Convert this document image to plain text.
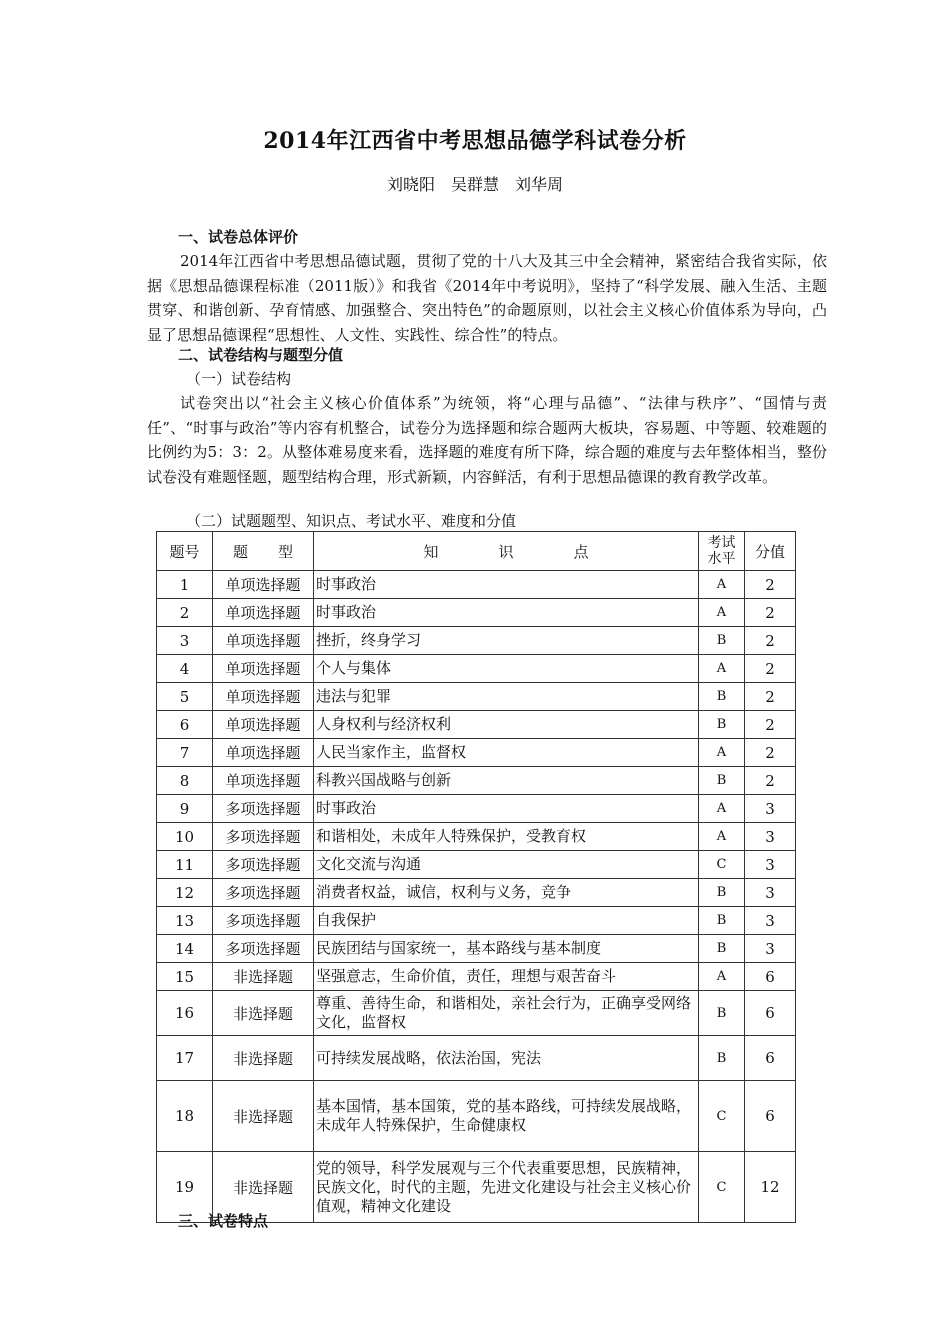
2014年江西省中考思想品德学科试卷分析
刘晓阳　吴群慧　刘华周
一、试卷总体评价
2014年江西省中考思想品德试题，贯彻了党的十八大及其三中全会精神，紧密结合我省实际，依据《思想品德课程标准（2011版）》和我省《2014年中考说明》，坚持了“科学发展、融入生活、主题贯穿、和谐创新、孕育情感、加强整合、突出特色”的命题原则，以社会主义核心价值体系为导向，凸显了思想品德课程“思想性、人文性、实践性、综合性”的特点。
二、试卷结构与题型分值
（一）试卷结构
试卷突出以“社会主义核心价值体系”为统领，将“心理与品德”、“法律与秩序”、“国情与责任”、“时事与政治”等内容有机整合，试卷分为选择题和综合题两大板块，容易题、中等题、较难题的比例约为5：3：2。从整体难易度来看，选择题的难度有所下降，综合题的难度与去年整体相当，整份试卷没有难题怪题，题型结构合理，形式新颖，内容鲜活，有利于思想品德课的教育教学改革。
（二）试题题型、知识点、考试水平、难度和分值
题号	题　　型	知　　　　识　　　　点	考试水平	分值
1	单项选择题	时事政治	A	2
2	单项选择题	时事政治	A	2
3	单项选择题	挫折，终身学习	B	2
4	单项选择题	个人与集体	A	2
5	单项选择题	违法与犯罪	B	2
6	单项选择题	人身权利与经济权利	B	2
7	单项选择题	人民当家作主，监督权	A	2
8	单项选择题	科教兴国战略与创新	B	2
9	多项选择题	时事政治	A	3
10	多项选择题	和谐相处，未成年人特殊保护，受教育权	A	3
11	多项选择题	文化交流与沟通	C	3
12	多项选择题	消费者权益，诚信，权利与义务，竞争	B	3
13	多项选择题	自我保护	B	3
14	多项选择题	民族团结与国家统一，基本路线与基本制度	B	3
15	非选择题	坚强意志，生命价值，责任，理想与艰苦奋斗	A	6
16	非选择题	尊重、善待生命，和谐相处，亲社会行为，正确享受网络文化，监督权	B	6
17	非选择题	可持续发展战略，依法治国，宪法	B	6
18	非选择题	基本国情，基本国策，党的基本路线，可持续发展战略，未成年人特殊保护，生命健康权	C	6
19	非选择题	党的领导，科学发展观与三个代表重要思想，民族精神，民族文化，时代的主题，先进文化建设与社会主义核心价值观，精神文化建设	C	12
三、试卷特点
